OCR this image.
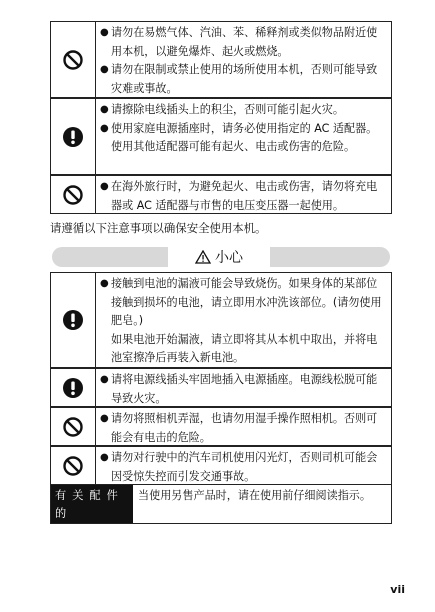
● 请勿在易燃气体、汽油、苯、稀释剂或类似物品附近使用本机，以避免爆炸、起火或燃烧。
● 请勿在限制或禁止使用的场所使用本机，否则可能导致灾难或事故。
● 请擦除电线插头上的积尘，否则可能引起火灾。
● 使用家庭电源插座时，请务必使用指定的 AC 适配器。使用其他适配器可能有起火、电击或伤害的危险。
● 在海外旅行时，为避免起火、电击或伤害，请勿将充电器或 AC 适配器与市售的电压变压器一起使用。
请遵循以下注意事项以确保安全使用本机。
小心
● 接触到电池的漏液可能会导致烧伤。如果身体的某部位接触到损坏的电池，请立即用水冲洗该部位。(请勿使用肥皂。)
如果电池开始漏液，请立即将其从本机中取出，并将电池室擦净后再装入新电池。
● 请将电源线插头牢固地插入电源插座。电源线松脱可能导致火灾。
● 请勿将照相机弄湿，也请勿用湿手操作照相机。否则可能会有电击的危险。
● 请勿对行驶中的汽车司机使用闪光灯，否则司机可能会因受惊失控而引发交通事故。
有关配件的
安全注意事项
当使用另售产品时，请在使用前仔细阅读指示。
vii
